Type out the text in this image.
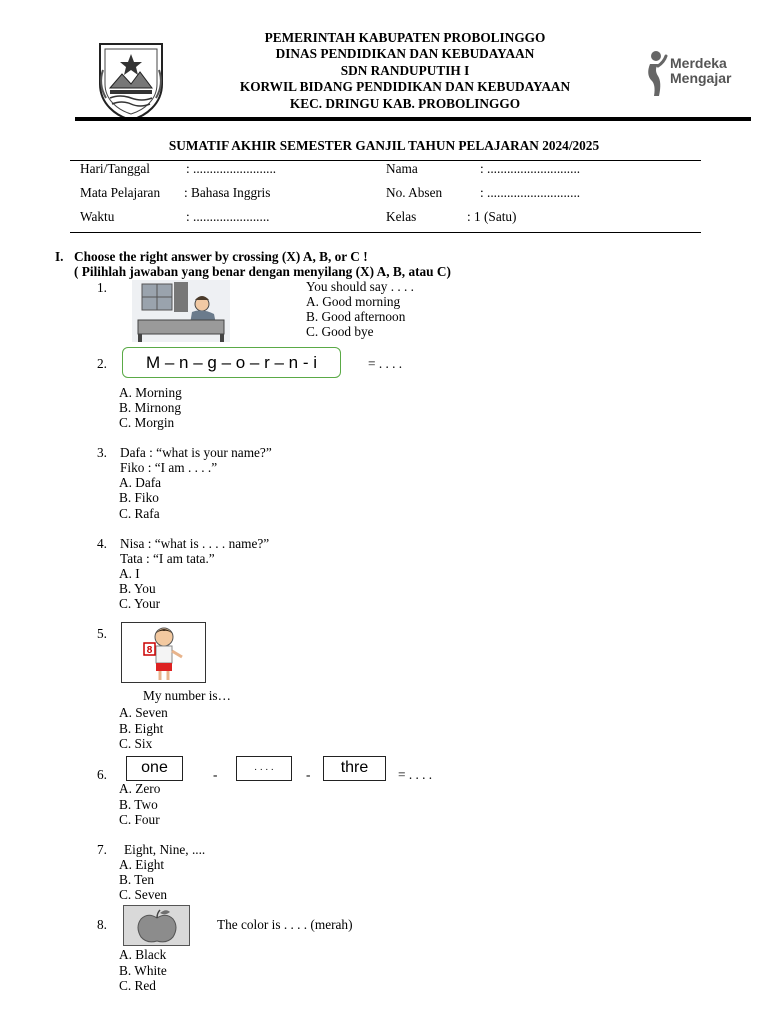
PEMERINTAH KABUPATEN PROBOLINGGO
DINAS PENDIDIKAN DAN KEBUDAYAAN
SDN RANDUPUTIH I
KORWIL BIDANG PENDIDIKAN DAN KEBUDAYAAN
KEC. DRINGU KAB. PROBOLINGGO
Merdeka
Mengajar
SUMATIF AKHIR SEMESTER GANJIL TAHUN PELAJARAN 2024/2025
Hari/Tanggal	: .........................	Nama	: ............................
Mata Pelajaran : Bahasa Inggris	No. Absen	: ............................
Waktu	: .......................	Kelas	: 1 (Satu)
I. Choose the right answer by crossing (X) A, B, or C !
( Pilihlah jawaban yang benar dengan menyilang (X) A, B, atau C)
1.	You should say . . . .
A. Good morning
B. Good afternoon
C. Good bye
2.	M – n – g – o – r – n - i	= . . . .
A. Morning
B. Mirnong
C. Morgin
3. Dafa : “what is your name?”
Fiko : “I am . . . .”
A. Dafa
B. Fiko
C. Rafa
4. Nisa : “what is . . . . name?”
Tata : “I am tata.”
A. I
B. You
C. Your
5.
8
My number is…
A. Seven
B. Eight
C. Six
6.	one	-	. . . .	-	thre	= . . . .
A. Zero
B. Two
C. Four
7. Eight, Nine, ....
A. Eight
B. Ten
C. Seven
8.	The color is . . . . (merah)
A. Black
B. White
C. Red
